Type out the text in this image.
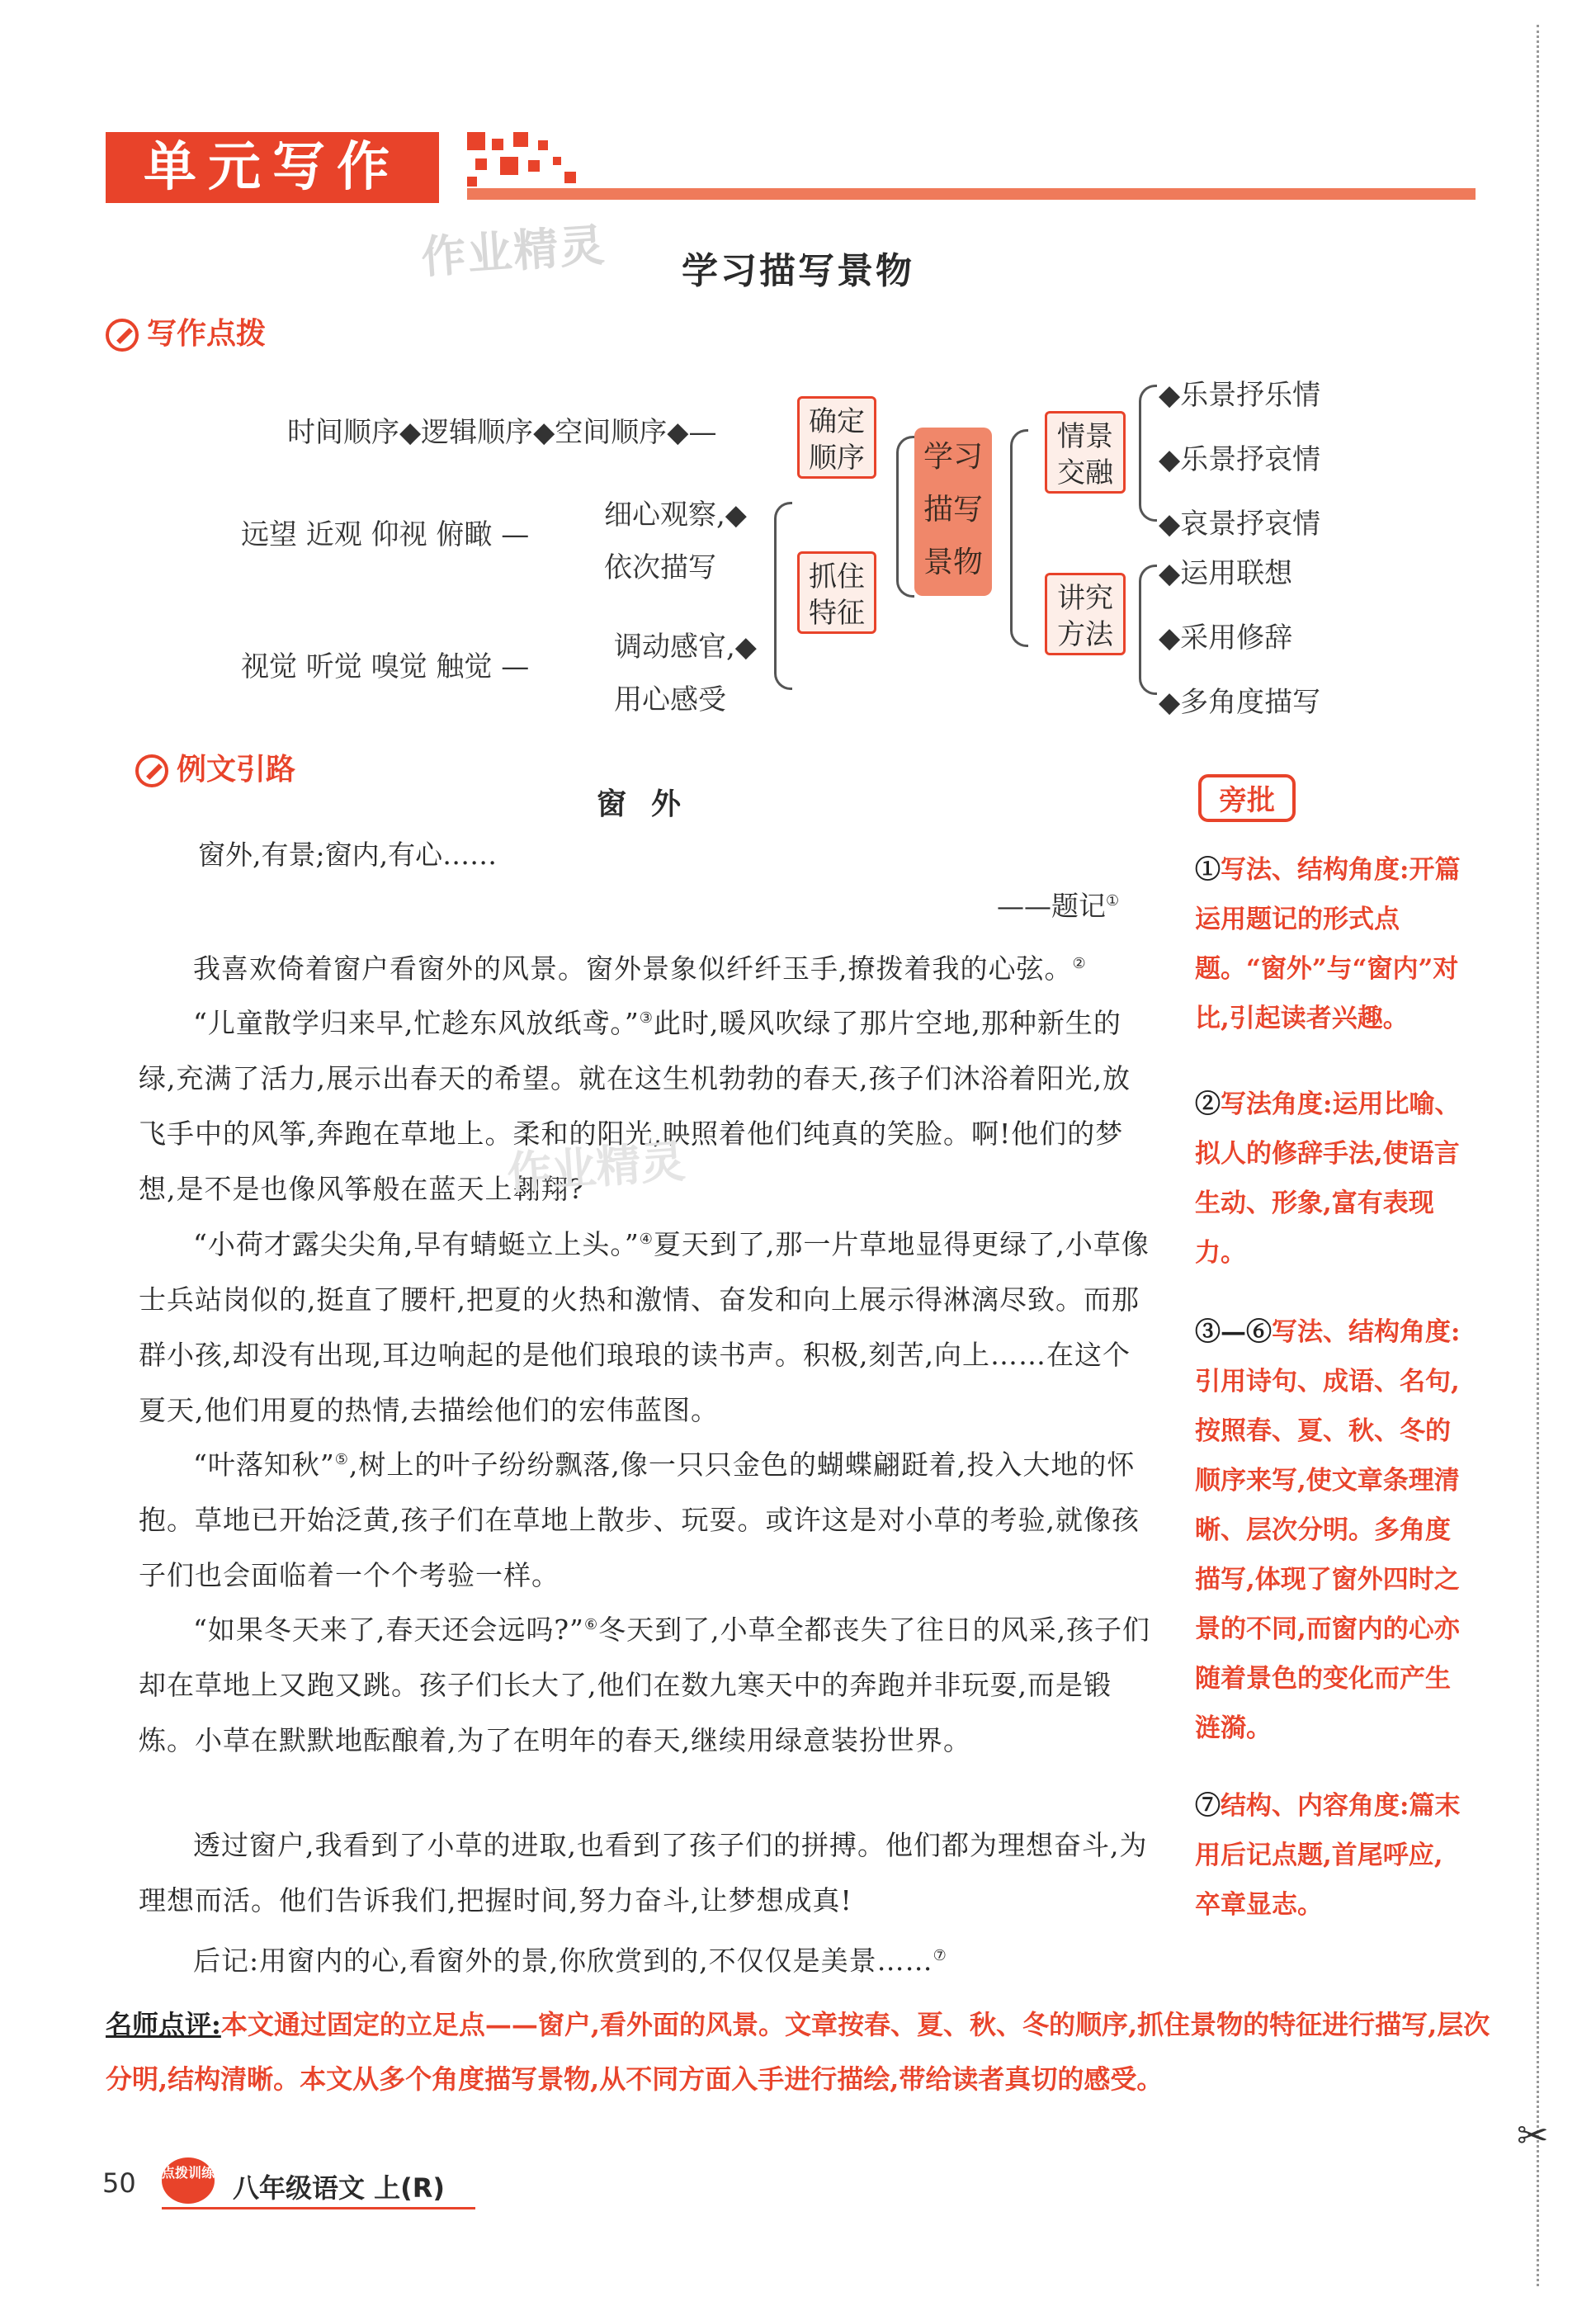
✂
单元写作
作业精灵	学习描写景物
写作点拨
时间顺序◆逻辑顺序◆空间顺序◆—	确定
顺序
远望 近观 仰视 俯瞰 —
细心观察,◆
依次描写
视觉 听觉 嗅觉 触觉 —
调动感官,◆
用心感受
抓住
特征
学习
描写
景物
情景
交融
◆乐景抒乐情
◆乐景抒哀情
◆哀景抒哀情
讲究
方法
◆运用联想
◆采用修辞
◆多角度描写
例文引路
窗外
窗外,有景;窗内,有心……
——题记①
我喜欢倚着窗户看窗外的风景。窗外景象似纤纤玉手,撩拨着我的心弦。②
“儿童散学归来早,忙趁东风放纸鸢。”③此时,暖风吹绿了那片空地,那种新生的绿,充满了活力,展示出春天的希望。就在这生机勃勃的春天,孩子们沐浴着阳光,放飞手中的风筝,奔跑在草地上。柔和的阳光,映照着他们纯真的笑脸。啊!他们的梦想,是不是也像风筝般在蓝天上翱翔?
“小荷才露尖尖角,早有蜻蜓立上头。”④夏天到了,那一片草地显得更绿了,小草像士兵站岗似的,挺直了腰杆,把夏的火热和激情、奋发和向上展示得淋漓尽致。而那群小孩,却没有出现,耳边响起的是他们琅琅的读书声。积极,刻苦,向上……在这个夏天,他们用夏的热情,去描绘他们的宏伟蓝图。
“叶落知秋”⑤,树上的叶子纷纷飘落,像一只只金色的蝴蝶翩跹着,投入大地的怀抱。草地已开始泛黄,孩子们在草地上散步、玩耍。或许这是对小草的考验,就像孩子们也会面临着一个个考验一样。
“如果冬天来了,春天还会远吗?”⑥冬天到了,小草全都丧失了往日的风采,孩子们却在草地上又跑又跳。孩子们长大了,他们在数九寒天中的奔跑并非玩耍,而是锻炼。小草在默默地酝酿着,为了在明年的春天,继续用绿意装扮世界。
透过窗户,我看到了小草的进取,也看到了孩子们的拼搏。他们都为理想奋斗,为理想而活。他们告诉我们,把握时间,努力奋斗,让梦想成真!
后记:用窗内的心,看窗外的景,你欣赏到的,不仅仅是美景……⑦
作业精灵
旁批
①写法、结构角度:开篇运用题记的形式点题。“窗外”与“窗内”对比,引起读者兴趣。
②写法角度:运用比喻、拟人的修辞手法,使语言生动、形象,富有表现力。
③—⑥写法、结构角度:引用诗句、成语、名句,按照春、夏、秋、冬的顺序来写,使文章条理清晰、层次分明。多角度描写,体现了窗外四时之景的不同,而窗内的心亦随着景色的变化而产生涟漪。
⑦结构、内容角度:篇末用后记点题,首尾呼应,卒章显志。
名师点评:本文通过固定的立足点——窗户,看外面的风景。文章按春、夏、秋、冬的顺序,抓住景物的特征进行描写,层次分明,结构清晰。本文从多个角度描写景物,从不同方面入手进行描绘,带给读者真切的感受。
50 点拨训练 八年级语文 上(R)
